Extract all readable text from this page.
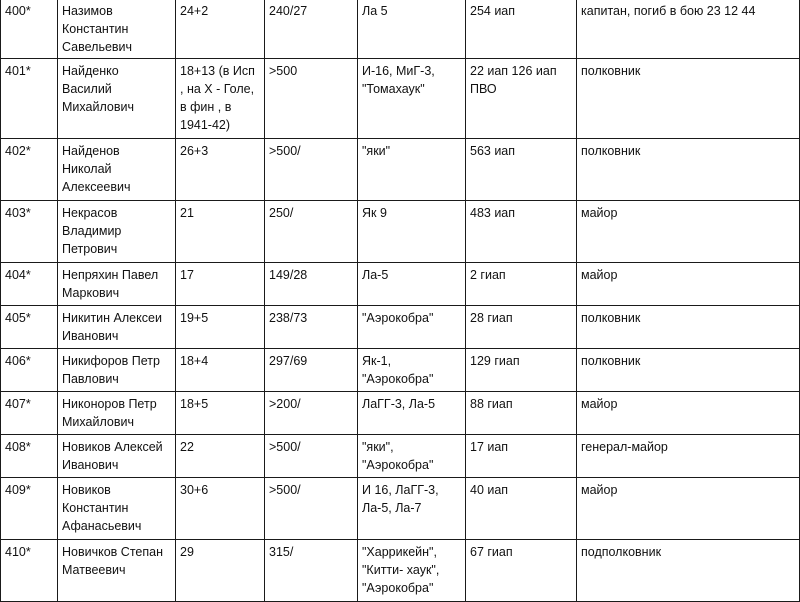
400*	Назимов Константин Савельевич	24+2	240/27	Ла 5	254 иап	капитан, погиб в бою 23 12 44
401*	Найденко Василий Михайлович	18+13 (в Исп , на Х - Голе, в фин , в 1941-42)	>500	И-16, МиГ-3, "Томахаук"	22 иап 126 иап ПВО	полковник
402*	Найденов Николай Алексеевич	26+3	>500/	"яки"	563 иап	полковник
403*	Некрасов Владимир Петрович	21	250/	Як 9	483 иап	майор
404*	Непряхин Павел Маркович	17	149/28	Ла-5	2 гиап	майор
405*	Никитин Алексеи Иванович	19+5	238/73	"Аэрокобра"	28 гиап	полковник
406*	Никифоров Петр Павлович	18+4	297/69	Як-1, "Аэрокобра"	129 гиап	полковник
407*	Никоноров Петр Михайлович	18+5	>200/	ЛаГГ-3, Ла-5	88 гиап	майор
408*	Новиков Алексей Иванович	22	>500/	"яки", "Аэрокобра"	17 иап	генерал-майор
409*	Новиков Константин Афанасьевич	30+6	>500/	И 16, ЛаГГ-3, Ла-5, Ла-7	40 иап	майор
410*	Новичков Степан Матвеевич	29	315/	"Харрикейн", "Китти- хаук", "Аэрокобра"	67 гиап	подполковник
